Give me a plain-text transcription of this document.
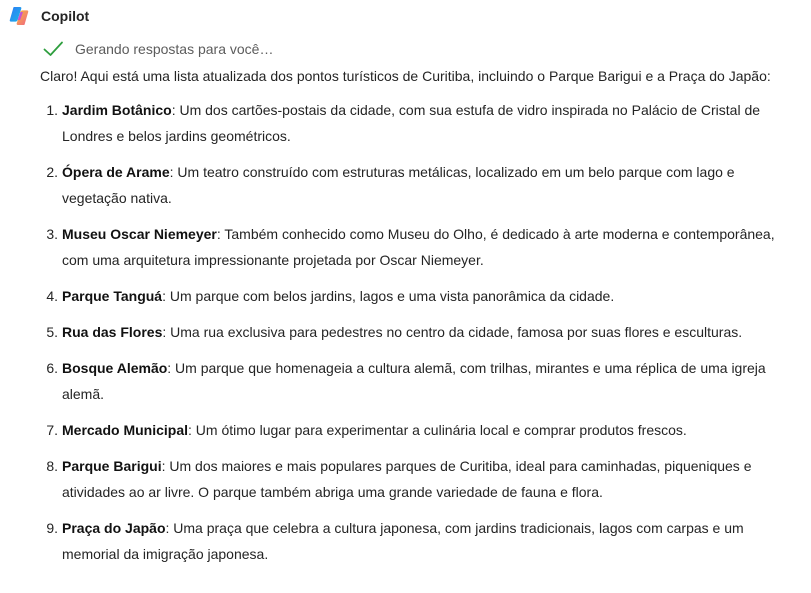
Copilot
Gerando respostas para você…

Claro! Aqui está uma lista atualizada dos pontos turísticos de Curitiba, incluindo o Parque Barigui e a Praça do Japão:

1. Jardim Botânico: Um dos cartões-postais da cidade, com sua estufa de vidro inspirada no Palácio de Cristal de Londres e belos jardins geométricos.
2. Ópera de Arame: Um teatro construído com estruturas metálicas, localizado em um belo parque com lago e vegetação nativa.
3. Museu Oscar Niemeyer: Também conhecido como Museu do Olho, é dedicado à arte moderna e contemporânea, com uma arquitetura impressionante projetada por Oscar Niemeyer.
4. Parque Tanguá: Um parque com belos jardins, lagos e uma vista panorâmica da cidade.
5. Rua das Flores: Uma rua exclusiva para pedestres no centro da cidade, famosa por suas flores e esculturas.
6. Bosque Alemão: Um parque que homenageia a cultura alemã, com trilhas, mirantes e uma réplica de uma igreja alemã.
7. Mercado Municipal: Um ótimo lugar para experimentar a culinária local e comprar produtos frescos.
8. Parque Barigui: Um dos maiores e mais populares parques de Curitiba, ideal para caminhadas, piqueniques e atividades ao ar livre. O parque também abriga uma grande variedade de fauna e flora.
9. Praça do Japão: Uma praça que celebra a cultura japonesa, com jardins tradicionais, lagos com carpas e um memorial da imigração japonesa.
